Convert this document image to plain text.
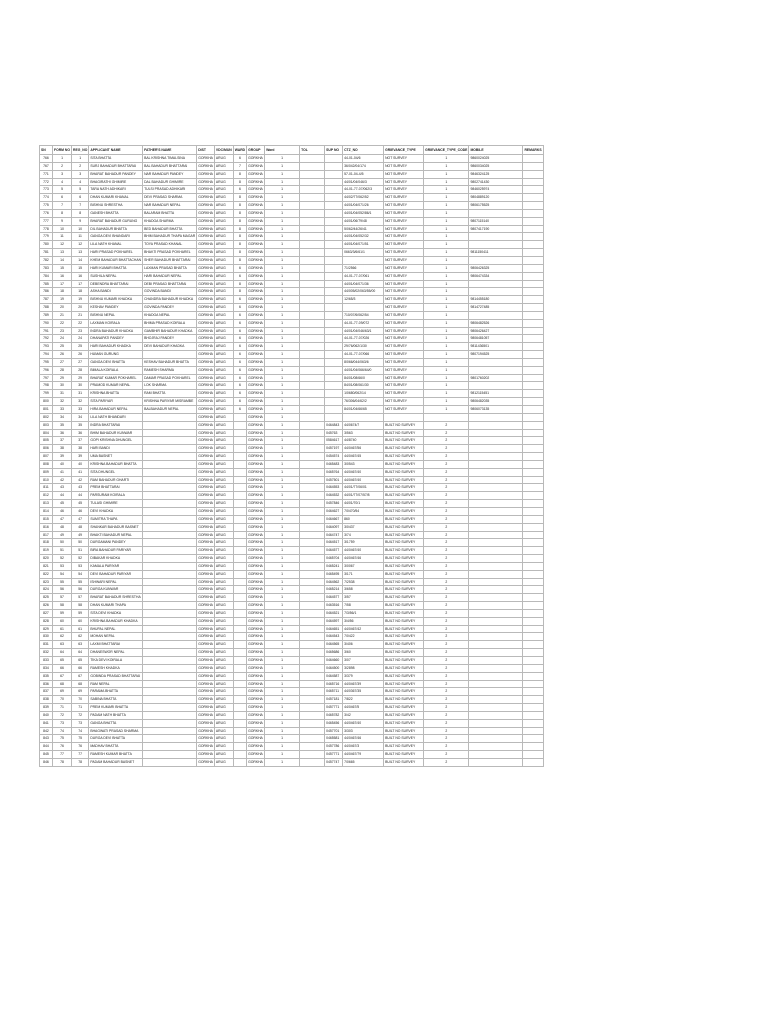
SN	FORM NO	REG_NO	APPLICANT NAME	FATHER'S NAME	DIST	VDC/MUN	WARD	GROUP	Ward	TOL	SUP NO	CTZ_NO	GRIEVANCE_TYPE	GRIEVANCE_TYPE_CODE	MOBILE	REMARKS
766	1	1	SITA BHATTA	BAL KRISHNA TIMALSINA	GORKHA	ARUG	6	GORKHA	1			44-01-04/6	NOT SURVEY	1	9860024025	
767	2	2	SURJ BAHADUR BHATTARAI	BAL BAHADUR BHATTARAI	GORKHA	ARUG	7	GORKHA	1			36/042/04/174	NOT SURVEY	1	9860034025	
771	3	3	BHARAT BAHADUR PANDEY	NAR BAHADUR PANDEY	GORKHA	ARUG	8	GORKHA	1			57-01-04-4/5	NOT SURVEY	1	9846324125	
772	4	4	BHAGIRATHI GHIMIRE	DAL BAHADUR GHIMIRE	GORKHA	ARUG	8	GORKHA	1			44/01/04/046/3	NOT SURVEY	1	9802741430	
773	5	5	TARA NATH ADHIKARI	TULSI PRASAD ADHIKARI	GORKHA	ARUG	6	GORKHA	1			44-01-77-07/062/3	NOT SURVEY	1	9846025974	
774	6	6	DHAN KUMARI KHANAL	DEVI PRASAD SHARMA	GORKHA	ARUG	8	GORKHA	1			44/02/77/062/52	NOT SURVEY	1	9804889120	
775	7	7	BISHNU SHRESTHA	NAR BAHADUR NEPAL	GORKHA	ARUG	8	GORKHA	1			44/01/04/071/26	NOT SURVEY	1	9806175525	
776	8	8	GANESH BHATTA	BALARAM BHATTA	GORKHA	ARUG	8	GORKHA	1			44/01/04/052/86/1	NOT SURVEY	1		
777	9	9	BHARAT BAHADUR GURUNG	KHADGA SHARMA	GORKHA	ARUG	8	GORKHA	1			44/01/06/79/48	NOT SURVEY	1	9807115140	
778	10	10	DIL BAHADUR BHATTA	BED BAHADUR BHATTA	GORKHA	ARUG	8	GORKHA	1			5/062/44/26/41	NOT SURVEY	1	9807417190	
779	11	11	GANGA DEVI BHANDARI	BHIM BAHADUR THAPA MAGAR	GORKHA	ARUG	8	GORKHA	1			44/01/04/052/32	NOT SURVEY	1		
780	12	12	LILA NATH KHANAL	TOYA PRASAD KHANAL	GORKHA	ARUG	8	GORKHA	1			44/01/04/071/51	NOT SURVEY	1		
781	13	13	HARI PRASAD POKHAREL	BHAKTI PRASAD POKHAREL	GORKHA	ARUG	8	GORKHA	1			0663/3/6/61/1	NOT SURVEY	1	9811150411	
782	14	14	KHEM BAHADUR BHATTACHAN	SHER BAHADUR BHATTARAI	GORKHA	ARUG	8	GORKHA	1				NOT SURVEY	1		
783	15	15	HARI KUMARI BHATTA	LAXMAN PRASAD BHATTA	GORKHA	ARUG	6	GORKHA	1			71/2566	NOT SURVEY	1	9806426325	
784	16	16	SUSHILA NEPAL	HARI BAHADUR NEPAL	GORKHA	ARUG	6	GORKHA	1			44-01-77-07/061	NOT SURVEY	1	9806474334	
785	17	17	DEBENDRA BHATTARAI	DEBI PRASAD BHATTARAI	GORKHA	ARUG	8	GORKHA	1			44/01/04/071/36	NOT SURVEY	1		
786	18	18	ASHA BANDI	GOVINDA BANDI	GORKHA	ARUG	8	GORKHA	1			44/005/02/063/55/00	NOT SURVEY	1		
787	19	19	BISHNU KUMARI KHADKA	CHANDRA BAHADUR KHADKA	GORKHA	ARUG	6	GORKHA	1			12/65/3	NOT SURVEY	1	9814455180	
788	20	20	KESHAV PANDEY	GOVINDA PANDEY	GORKHA	ARUG	6	GORKHA	1				NOT SURVEY	1	9814727485	
789	21	21	BISHNU NEPAL	KHADGA NEPAL	GORKHA	ARUG	6	GORKHA	1			710/07/6/062/54	NOT SURVEY	1		
790	22	22	LAXMAN KOIRALA	BHIMA PRASAD KOIRALA	GORKHA	ARUG	6	GORKHA	1			44-01-77-09/072	NOT SURVEY	1	9806482526	
791	23	23	INDRA BAHADUR KHADKA	GAMBHIR BAHADUR KHADKA	GORKHA	ARUG	6	GORKHA	1			44/01/04/046/63/1	NOT SURVEY	1	9806426427	
792	24	24	DHANAPATI PANDEY	BHOJRAJ PANDEY	GORKHA	ARUG	6	GORKHA	1			44-01-77-07/026	NOT SURVEY	1	9806481057	
793	25	25	HARI BAHADUR KHADKA	DEVI BAHADUR KHADKA	GORKHA	ARUG	6	GORKHA	1			29/76/062/1/30	NOT SURVEY	1	9811436501	
794	26	26	HUMAN GURUNG		GORKHA	ARUG	6	GORKHA	1			44-01-77-07/066	NOT SURVEY	1	9807194525	
795	27	27	GANGA DEVI BHATTA	KESHAV BAHADUR BHATTA	GORKHA	ARUG	6	GORKHA	1			8/066/044/063/6	NOT SURVEY	1		
796	28	28	BIMALA KOIRALA	RAMESH SHARMA	GORKHA	ARUG	6	GORKHA	1			44/01/04/066/64/0	NOT SURVEY	1		
797	29	29	BHARAT KUMAR POKHAREL	DAMAR PRASAD POKHAREL	GORKHA	ARUG	6	GORKHA	1			84/01/08/66/0	NOT SURVEY	1	9801760202	
798	30	30	PRAMOD KUMAR NEPAL	LOK SHARMA	GORKHA	ARUG	6	GORKHA	1			84/01/08/061/30	NOT SURVEY	1		
799	31	31	KRISHNA BHATTA	RAM BHATTA	GORKHA	ARUG	6	GORKHA	1			1/0680/062/14	NOT SURVEY	1	9812115451	
800	32	32	SITA PARIYAR	KRISHNA PARIYAR MISRAMBE	GORKHA	ARUG	6	GORKHA	1			76/306/04/62/2	NOT SURVEY	1	9806482035	
801	33	33	HIRA BAHADUR NEPAL	BALBAHADUR NEPAL	GORKHA	ARUG	6	GORKHA	1			84/01/04/66/65	NOT SURVEY	1	9806073135	
802	34	34	LILA NATH BHANDARI		GORKHA	ARUG		GORKHA	1							
803	35	35	INDRA BHATTARAI		GORKHA	ARUG		GORKHA	1		0464843	44/0674/7	BUILT NO SURVEY	2		
804	36	36	BHIM BAHADUR KUNWAR		GORKHA	ARUG		GORKHA	1		045763	3/563	BUILT NO SURVEY	2		
805	37	37	GOPI KRISHNA DHUNGEL		GORKHA	ARUG		GORKHA	1		0584617	44/8740	BUILT NO SURVEY	2		
806	38	38	HARI BANDI		GORKHA	ARUG		GORKHA	1		0457197	44/0467/56	BUILT NO SURVEY	2		
807	39	39	UMA BASNET		GORKHA	ARUG		GORKHA	1		0454574	44/0467/45	BUILT NO SURVEY	2		
808	40	40	KRISHNA BAHADUR BHATTA		GORKHA	ARUG		GORKHA	1		0465483	3/0543	BUILT NO SURVEY	2		
809	41	41	SITA DHUNGEL		GORKHA	ARUG		GORKHA	1		0465764	44/0467/40	BUILT NO SURVEY	2		
810	42	42	RAM BAHADUR GHARTI		GORKHA	ARUG		GORKHA	1		0457501	44/0467/40	BUILT NO SURVEY	2		
811	43	43	PREM BHATTARAI		GORKHA	ARUG		GORKHA	1		0464553	44/01/77/06/01	BUILT NO SURVEY	2		
812	44	44	PARSURAM KOIRALA		GORKHA	ARUG		GORKHA	1		0464532	44/01/77/07/57/8	BUILT NO SURVEY	2		
813	45	45	TULASI GHIMIRE		GORKHA	ARUG		GORKHA	1		0457846	44/01/70/1	BUILT NO SURVEY	2		
814	46	46	DEVI KHADKA		GORKHA	ARUG		GORKHA	1		0464627	7/0470/54	BUILT NO SURVEY	2		
815	47	47	SUMITRA THAPA		GORKHA	ARUG		GORKHA	1		0464667	860	BUILT NO SURVEY	2		
816	48	48	SHANKAR BAHADUR BASNET		GORKHA	ARUG		GORKHA	1		0464097	3/0437	BUILT NO SURVEY	2		
817	49	49	BHAKTI BAHADUR NEPAL		GORKHA	ARUG		GORKHA	1		0464747	3/74	BUILT NO SURVEY	2		
818	50	50	DURGAMANI PANDEY		GORKHA	ARUG		GORKHA	1		0464517	3/1759	BUILT NO SURVEY	2		
819	51	51	BIRA BAHADUR PARIYAR		GORKHA	ARUG		GORKHA	1		0464577	44/0467/40	BUILT NO SURVEY	2		
820	52	52	DIBAKAR KHADKA		GORKHA	ARUG		GORKHA	1		0465704	44/0467/46	BUILT NO SURVEY	2		
821	53	53	KAMALA PARIYAR		GORKHA	ARUG		GORKHA	1		0465241	3/0067	BUILT NO SURVEY	2		
822	54	54	DEVI BAHADUR PARIYAR		GORKHA	ARUG		GORKHA	1		0465495	3/171	BUILT NO SURVEY	2		
823	55	55	ISHWARI NEPAL		GORKHA	ARUG		GORKHA	1		0464562	7/2538	BUILT NO SURVEY	2		
824	56	56	DURGA KUNWAR		GORKHA	ARUG		GORKHA	1		0465214	3/658	BUILT NO SURVEY	2		
825	57	57	BHARAT BAHADUR SHRESTHA		GORKHA	ARUG		GORKHA	1		0464577	3/57	BUILT NO SURVEY	2		
826	58	58	DHAN KUMARI THAPA		GORKHA	ARUG		GORKHA	1		0463516	7/58	BUILT NO SURVEY	2		
827	59	59	SITA DEVI KHADKA		GORKHA	ARUG		GORKHA	1		0464521	7/3/56/1	BUILT NO SURVEY	2		
828	60	60	KRISHNA BAHADUR KHADKA		GORKHA	ARUG		GORKHA	1		0464597	3/4/56	BUILT NO SURVEY	2		
829	61	61	BHUPAL NEPAL		GORKHA	ARUG		GORKHA	1		0464651	44/0467/42	BUILT NO SURVEY	2		
830	62	62	MOHAN NEPAL		GORKHA	ARUG		GORKHA	1		0464543	7/0422	BUILT NO SURVEY	2		
831	63	63	LAXMI BHATTARAI		GORKHA	ARUG		GORKHA	1		0464565	3/406	BUILT NO SURVEY	2		
832	64	64	DHANESWOR NEPAL		GORKHA	ARUG		GORKHA	1		0465686	3/60	BUILT NO SURVEY	2		
833	65	65	TIKA DEVI KOIRALA		GORKHA	ARUG		GORKHA	1		0464660	3/07	BUILT NO SURVEY	2		
834	66	66	RAMESH KHADKA		GORKHA	ARUG		GORKHA	1		0464500	3/2898	BUILT NO SURVEY	2		
835	67	67	GOBINDA PRASAD BHATTARAI		GORKHA	ARUG		GORKHA	1		0464587	3/379	BUILT NO SURVEY	2		
836	68	68	RAM NEPAL		GORKHA	ARUG		GORKHA	1		0465716	44/0467/39	BUILT NO SURVEY	2		
837	69	69	PARAMA BHATTA		GORKHA	ARUG		GORKHA	1		0465711	44/0367/35	BUILT NO SURVEY	2		
838	70	70	SABINA BHATTA		GORKHA	ARUG		GORKHA	1		0457181	7/822	BUILT NO SURVEY	2		
839	71	71	PREM KUMARI BHATTA		GORKHA	ARUG		GORKHA	1		0457771	44/0467/5	BUILT NO SURVEY	2		
840	72	72	PADAM NATH BHATTA		GORKHA	ARUG		GORKHA	1		0465782	3/42	BUILT NO SURVEY	2		
841	73	73	GANGA BHATTA		GORKHA	ARUG		GORKHA	1		0465456	44/0467/40	BUILT NO SURVEY	2		
842	74	74	BHAGWATI PRASAD SHARMA		GORKHA	ARUG		GORKHA	1		0457701	3/303	BUILT NO SURVEY	2		
843	75	75	DURGA DEVI BHATTA		GORKHA	ARUG		GORKHA	1		0465581	44/0467/46	BUILT NO SURVEY	2		
844	76	76	MADHAV BHATTA		GORKHA	ARUG		GORKHA	1		0457786	44/0467/3	BUILT NO SURVEY	2		
845	77	77	RAMESH KUMAR BHATTA		GORKHA	ARUG		GORKHA	1		0457771	44/0467/79	BUILT NO SURVEY	2		
846	78	78	PADAM BAHADUR BASNET		GORKHA	ARUG		GORKHA	1		0457747	7/0665	BUILT NO SURVEY	2		
